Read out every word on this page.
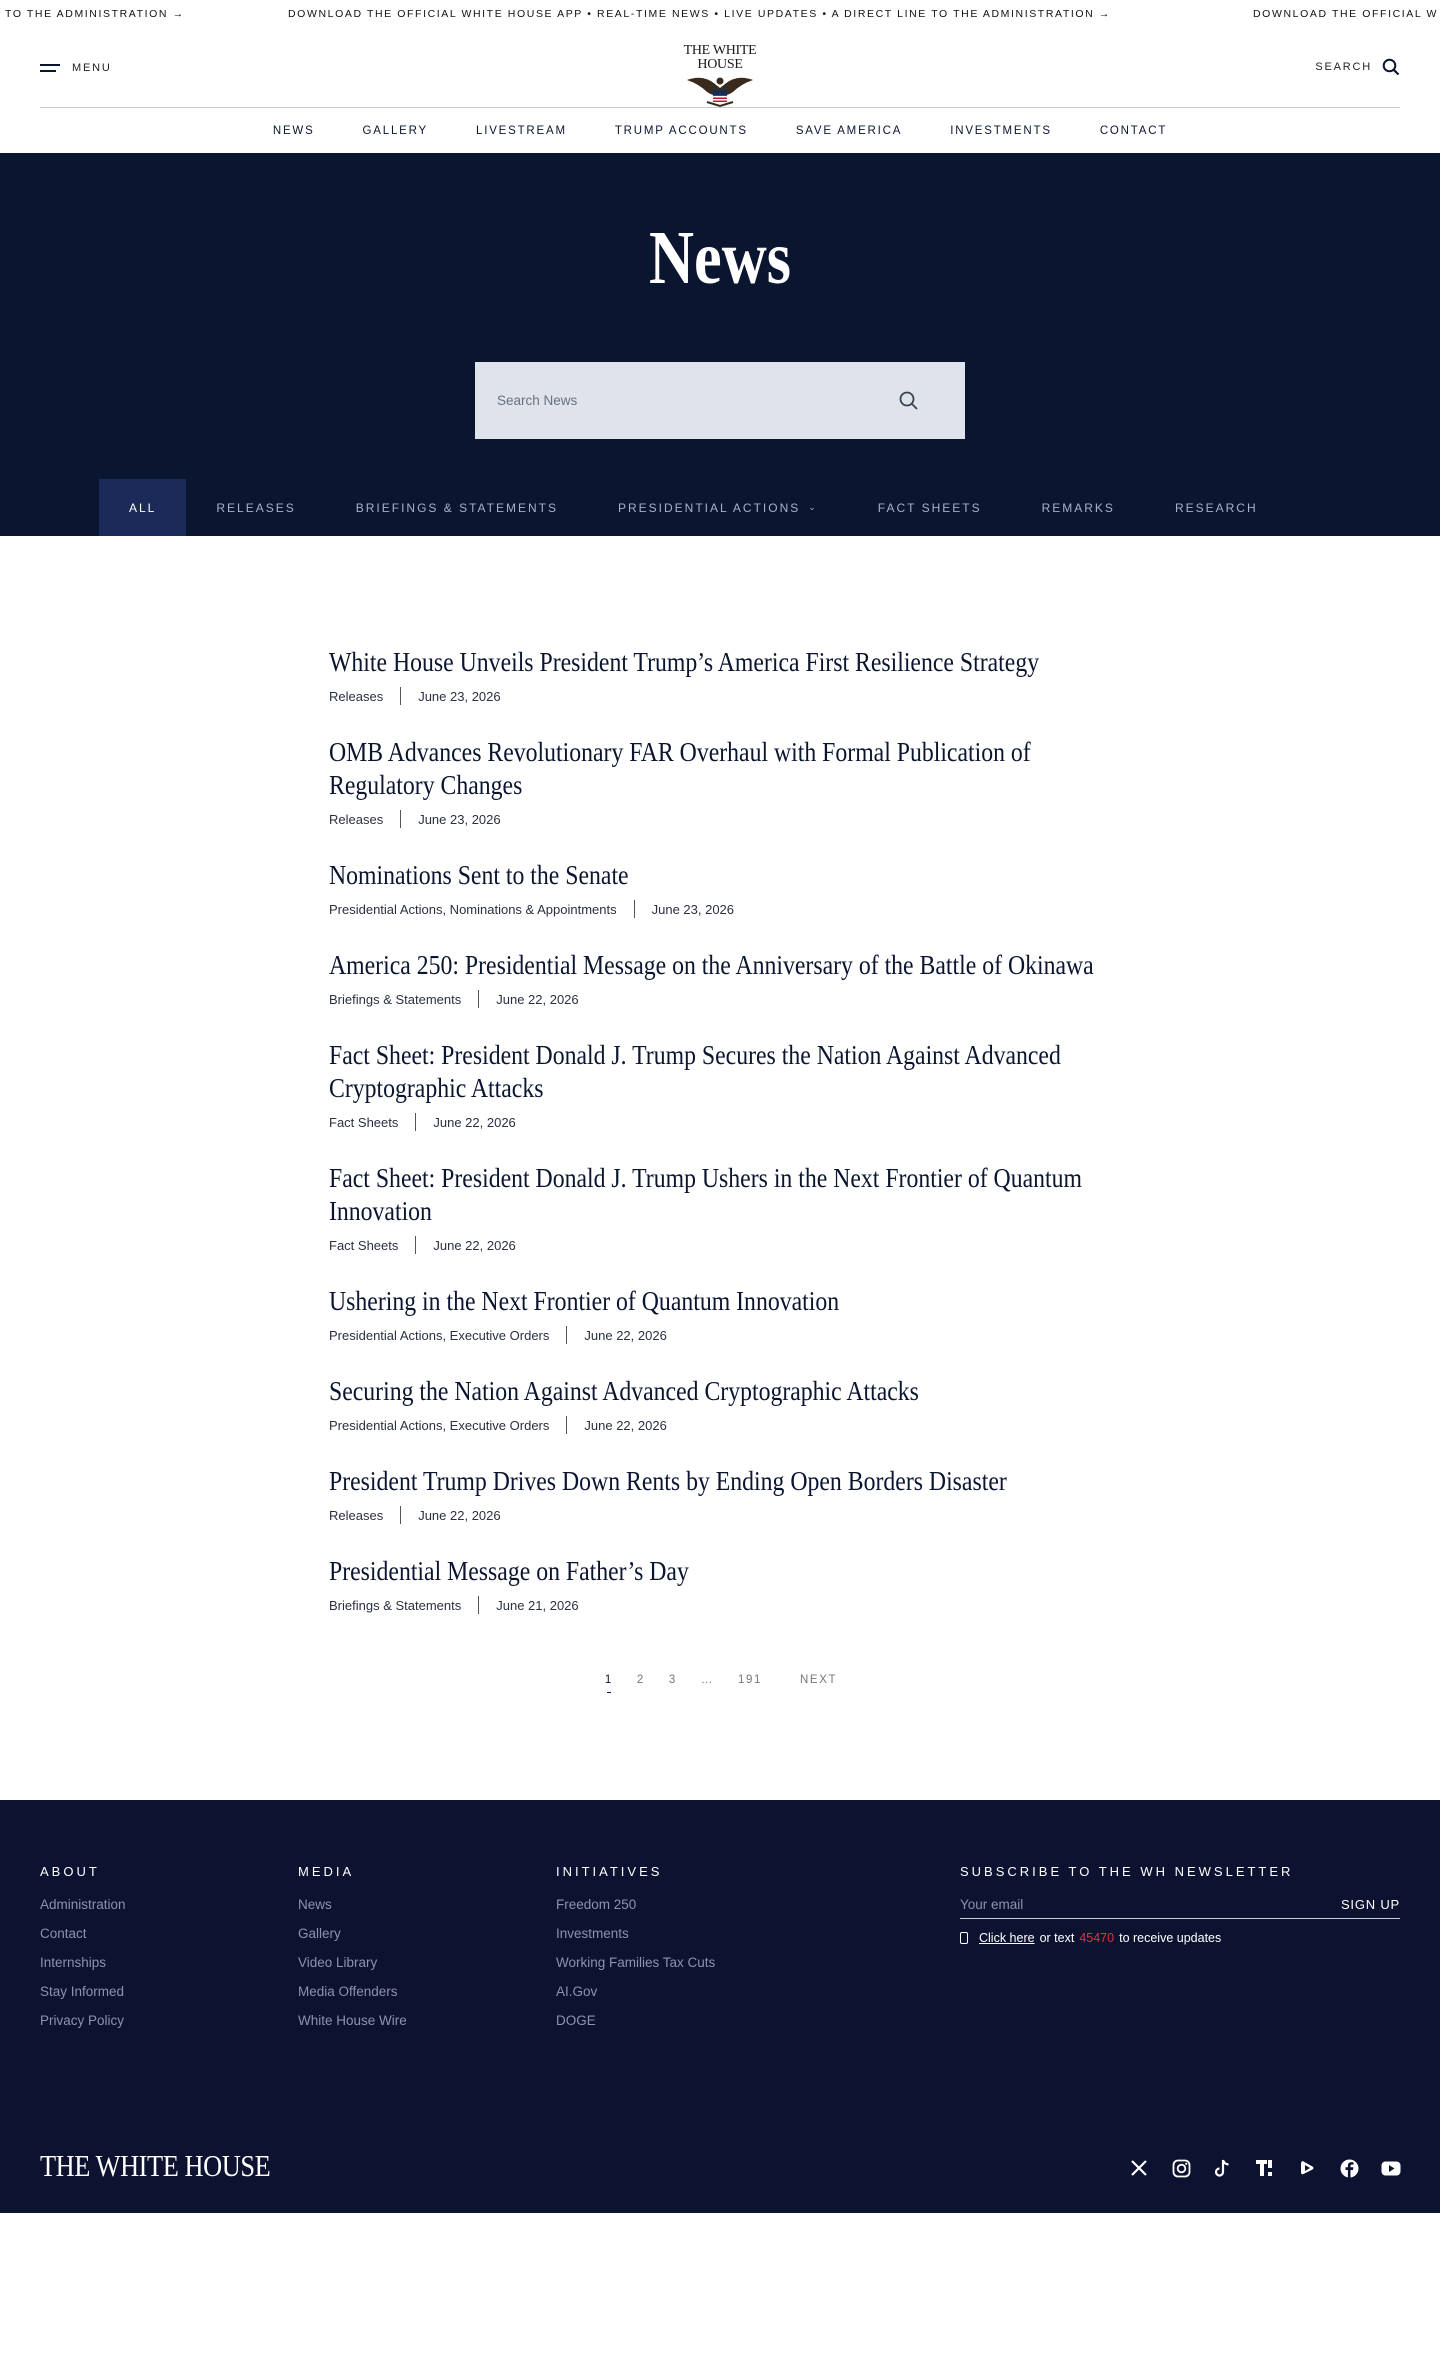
TO THE ADMINISTRATION →	DOWNLOAD THE OFFICIAL WHITE HOUSE APP • REAL-TIME NEWS • LIVE UPDATES • A DIRECT LINE TO THE ADMINISTRATION →	DOWNLOAD THE OFFICIAL W
MENU
THE WHITE HOUSE	SEARCH
NEWS	GALLERY	LIVESTREAM	TRUMP ACCOUNTS	SAVE AMERICA	INVESTMENTS	CONTACT
News
Search News
ALL	RELEASES	BRIEFINGS & STATEMENTS	PRESIDENTIAL ACTIONS ⌄	FACT SHEETS	REMARKS	RESEARCH
White House Unveils President Trump’s America First Resilience Strategy
Releases	June 23, 2026
OMB Advances Revolutionary FAR Overhaul with Formal Publication of Regulatory Changes
Releases	June 23, 2026
Nominations Sent to the Senate
Presidential Actions, Nominations & Appointments	June 23, 2026
America 250: Presidential Message on the Anniversary of the Battle of Okinawa
Briefings & Statements	June 22, 2026
Fact Sheet: President Donald J. Trump Secures the Nation Against Advanced Cryptographic Attacks
Fact Sheets	June 22, 2026
Fact Sheet: President Donald J. Trump Ushers in the Next Frontier of Quantum Innovation
Fact Sheets	June 22, 2026
Ushering in the Next Frontier of Quantum Innovation
Presidential Actions, Executive Orders	June 22, 2026
Securing the Nation Against Advanced Cryptographic Attacks
Presidential Actions, Executive Orders	June 22, 2026
President Trump Drives Down Rents by Ending Open Borders Disaster
Releases	June 22, 2026
Presidential Message on Father’s Day
Briefings & Statements	June 21, 2026
1	2	3	…	191	NEXT
ABOUT
Administration
Contact
Internships
Stay Informed
Privacy Policy
MEDIA
News
Gallery
Video Library
Media Offenders
White House Wire
INITIATIVES
Freedom 250
Investments
Working Families Tax Cuts
AI.Gov
DOGE
SUBSCRIBE TO THE WH NEWSLETTER
Your email
SIGN UP
Click here or text 45470 to receive updates
THE WHITE HOUSE
